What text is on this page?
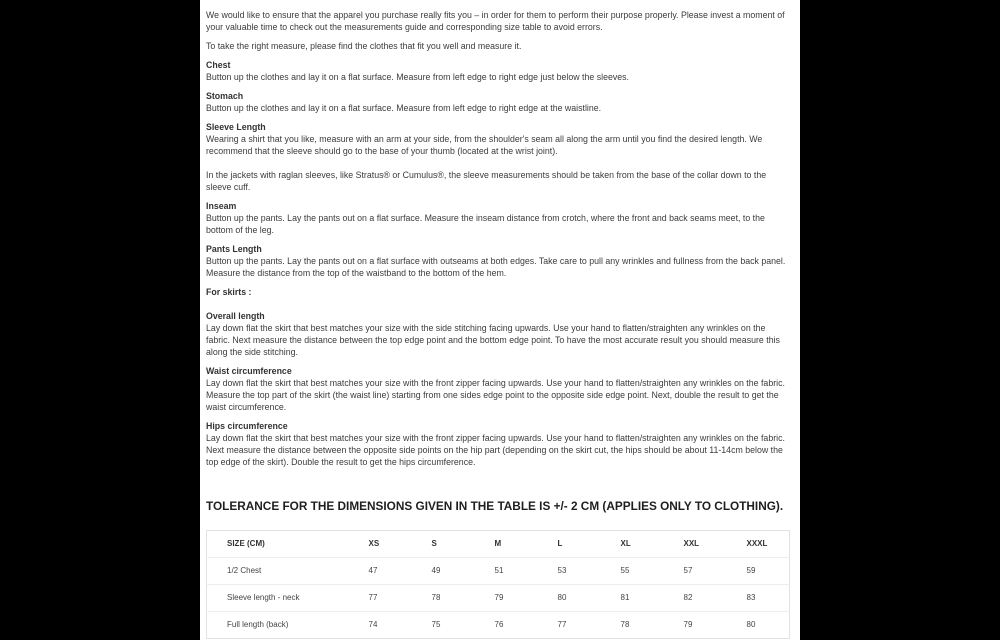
We would like to ensure that the apparel you purchase really fits you – in order for them to perform their purpose properly. Please invest a moment of your valuable time to check out the measurements guide and corresponding size table to avoid errors.

To take the right measure, please find the clothes that fit you well and measure it.

Chest

Button up the clothes and lay it on a flat surface. Measure from left edge to right edge just below the sleeves.

Stomach

Button up the clothes and lay it on a flat surface. Measure from left edge to right edge at the waistline.

Sleeve Length

Wearing a shirt that you like, measure with an arm at your side, from the shoulder's seam all along the arm until you find the desired length. We recommend that the sleeve should go to the base of your thumb (located at the wrist joint).

In the jackets with raglan sleeves, like Stratus® or Cumulus®, the sleeve measurements should be taken from the base of the collar down to the sleeve cuff.

Inseam

Button up the pants. Lay the pants out on a flat surface. Measure the inseam distance from crotch, where the front and back seams meet, to the bottom of the leg.

Pants Length

Button up the pants. Lay the pants out on a flat surface with outseams at both edges. Take care to pull any wrinkles and fullness from the back panel. Measure the distance from the top of the waistband to the bottom of the hem.

For skirts :
Overall length

Lay down flat the skirt that best matches your size with the side stitching facing upwards. Use your hand to flatten/straighten any wrinkles on the fabric. Next measure the distance between the top edge point and the bottom edge point. To have the most accurate result you should measure this along the side stitching.

Waist circumference

Lay down flat the skirt that best matches your size with the front zipper facing upwards. Use your hand to flatten/straighten any wrinkles on the fabric. Measure the top part of the skirt (the waist line) starting from one sides edge point to the opposite side edge point. Next, double the result to get the waist circumference.

Hips circumference

Lay down flat the skirt that best matches your size with the front zipper facing upwards. Use your hand to flatten/straighten any wrinkles on the fabric. Next measure the distance between the opposite side points on the hip part (depending on the skirt cut, the hips should be about 11-14cm below the top edge of the skirt). Double the result to get the hips circumference.

TOLERANCE FOR THE DIMENSIONS GIVEN IN THE TABLE IS +/- 2 CM (APPLIES ONLY TO CLOTHING).
SIZE (CM)	XS	S	M	L	XL	XXL	XXXL
1/2 Chest	47	49	51	53	55	57	59
Sleeve length - neck	77	78	79	80	81	82	83
Full length (back)	74	75	76	77	78	79	80
